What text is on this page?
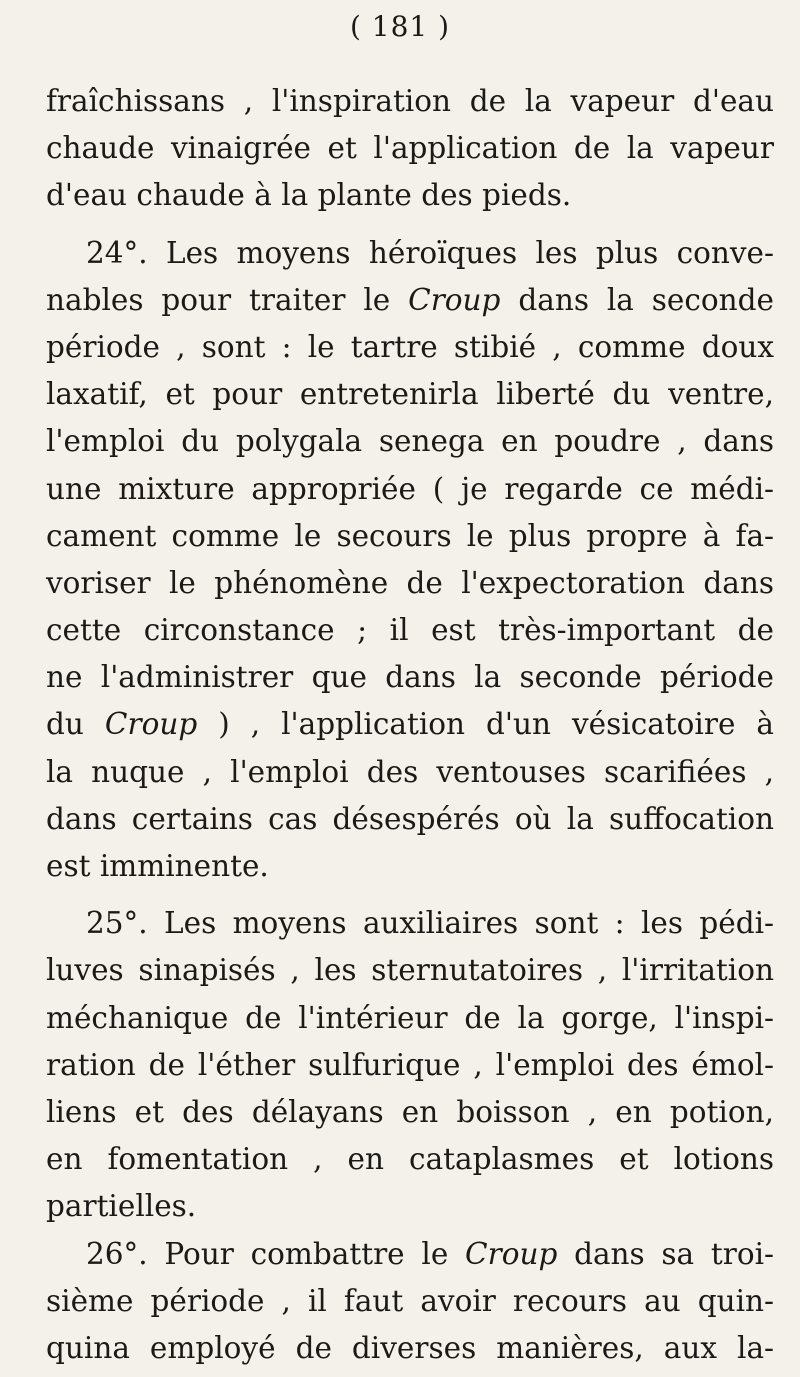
( 181 )
fraîchissans , l'inspiration de la vapeur d'eau
chaude vinaigrée et l'application de la vapeur
d'eau chaude à la plante des pieds.
24°. Les moyens héroïques les plus conve-
nables pour traiter le Croup dans la seconde
période , sont : le tartre stibié , comme doux
laxatif, et pour entretenirla liberté du ventre,
l'emploi du polygala senega en poudre , dans
une mixture appropriée ( je regarde ce médi-
cament comme le secours le plus propre à fa-
voriser le phénomène de l'expectoration dans
cette circonstance ; il est très-important de
ne l'administrer que dans la seconde période
du Croup ) , l'application d'un vésicatoire à
la nuque , l'emploi des ventouses scarifiées ,
dans certains cas désespérés où la suffocation
est imminente.
25°. Les moyens auxiliaires sont : les pédi-
luves sinapisés , les sternutatoires , l'irritation
méchanique de l'intérieur de la gorge, l'inspi-
ration de l'éther sulfurique , l'emploi des émol-
liens et des délayans en boisson , en potion,
en fomentation , en cataplasmes et lotions
partielles.
26°. Pour combattre le Croup dans sa troi-
sième période , il faut avoir recours au quin-
quina employé de diverses manières, aux la-
